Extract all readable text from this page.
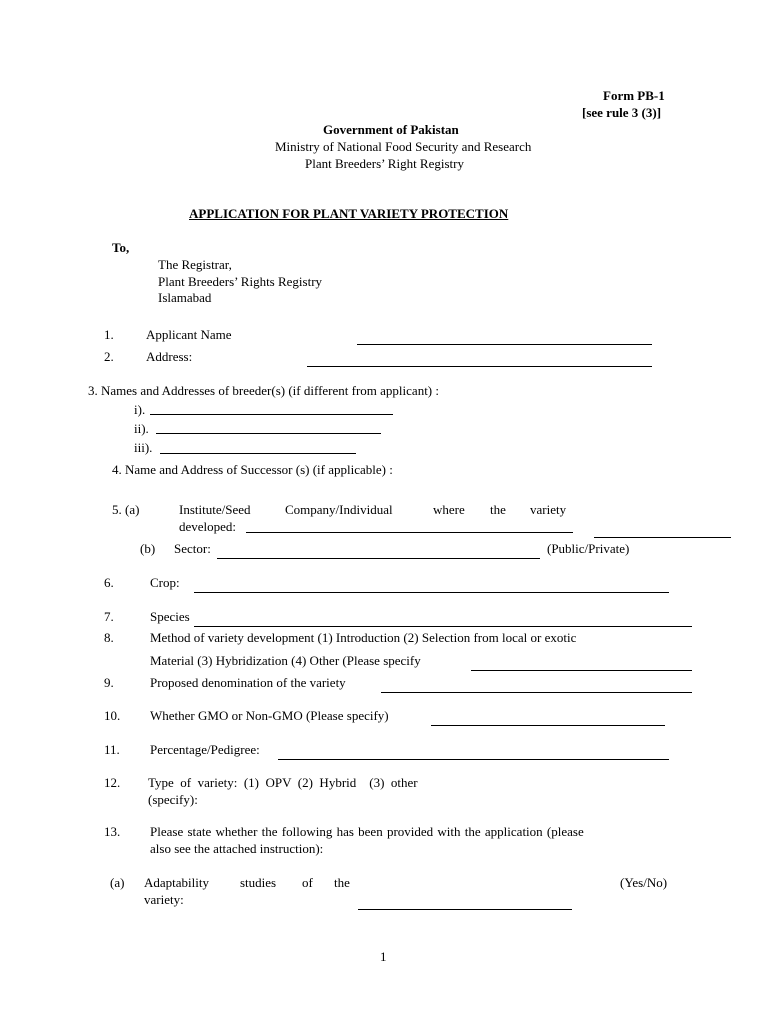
Form PB-1
[see rule 3 (3)]
Government of Pakistan
Ministry of National Food Security and Research
Plant Breeders’ Right Registry
APPLICATION FOR PLANT VARIETY PROTECTION
To,
The Registrar,
Plant Breeders’ Rights Registry
Islamabad
1. Applicant Name
2. Address:
3. Names and Addresses of breeder(s) (if different from applicant) :
i).
ii).
iii).
4. Name and Address of Successor (s) (if applicable) :
5. (a)	Institute/Seed	Company/Individual	where the variety
developed:
(b) Sector:	(Public/Private)
6.	Crop:
7.	Species
8.	Method of variety development (1) Introduction (2) Selection from local or exotic
Material (3) Hybridization (4) Other (Please specify
9.	Proposed denomination of the variety
10. Whether GMO or Non-GMO (Please specify)
11. Percentage/Pedigree:
12. Type  of  variety:  (1)  OPV  (2)  Hybrid    (3)  other
(specify):
13. Please state whether the following has been provided with the application (please
also see the attached instruction):
(a) Adaptability studies of the
variety:
(Yes/No)
1
